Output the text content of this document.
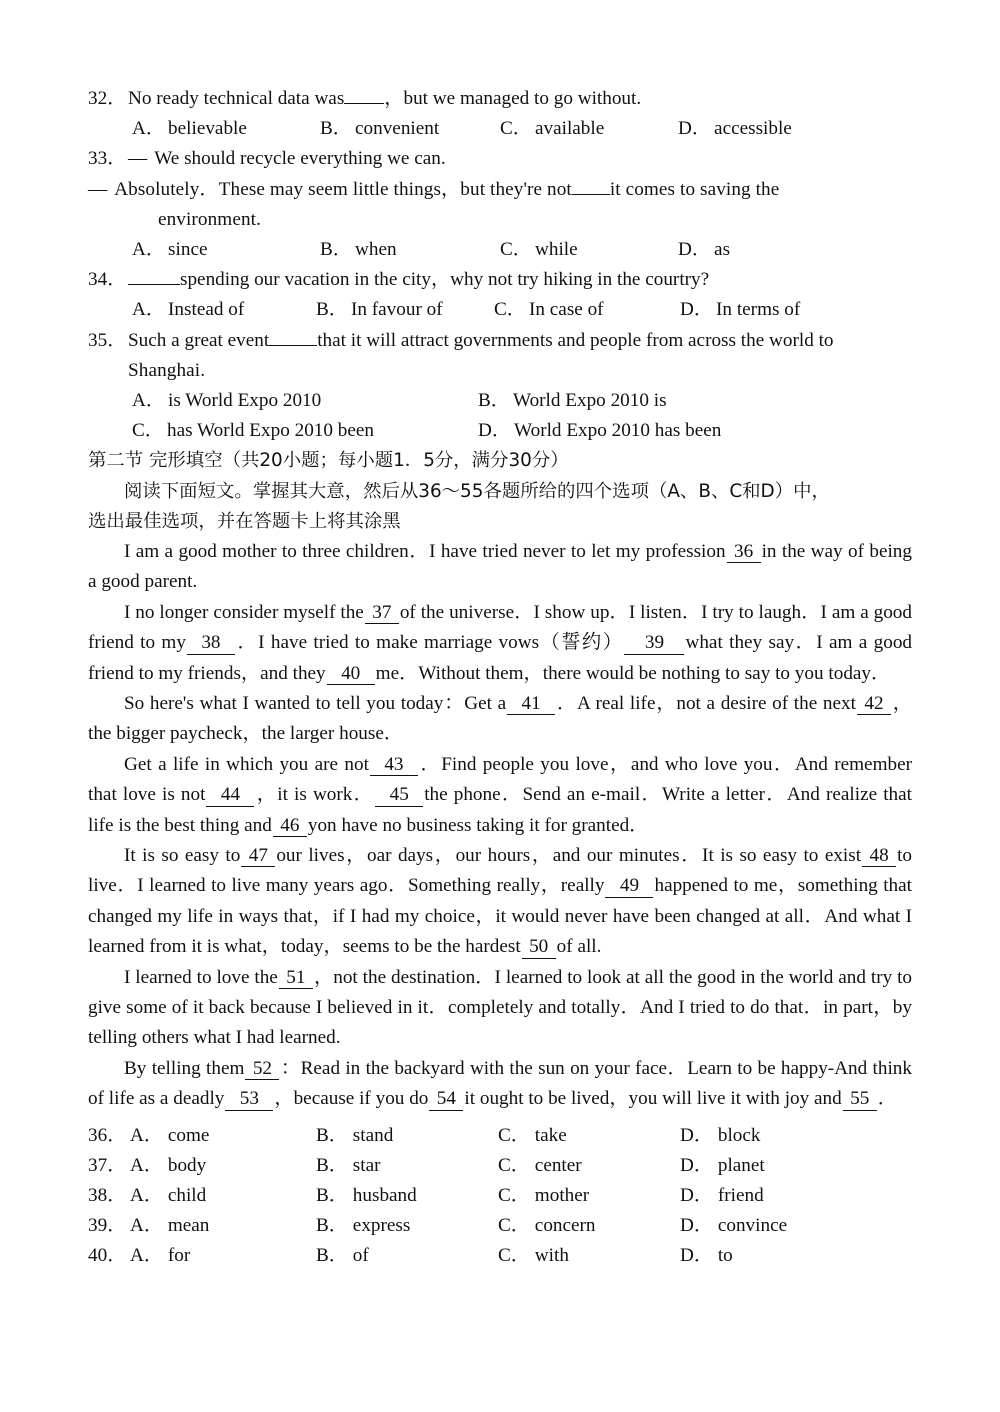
32． No ready technical data was ，but we managed to go without.
A． believable	B． convenient	C． available	D． accessible
33． — We should recycle everything we can.
— Absolutely．These may seem little things，but they're not it comes to saving the
environment.
A． since	B． when	C． while	D． as
34．	spending our vacation in the city，why not try hiking in the courtry?
A． Instead of	B． In favour of	C． In case of	D． In terms of
35． Such a great event	that it will attract governments and people from across the world to
Shanghai.
A． is World Expo 2010	B． World Expo 2010 is
C． has World Expo 2010 been	D． World Expo 2010 has been
第二节 完形填空（共20小题；每小题1．5分，满分30分）
阅读下面短文。掌握其大意，然后从36～55各题所给的四个选项（A、B、C和D）中，
选出最佳选项，并在答题卡上将其涂黑
I am a good mother to three children．I have tried never to let my profession 36 in the way of being a good parent.
I no longer consider myself the 37 of the universe．I show up．I listen．I try to laugh．I am a good friend to my 38 ．I have tried to make marriage vows（誓约） 39 what they say．I am a good friend to my friends，and they 40 me．Without them，there would be nothing to say to you today．
So here's what I wanted to tell you today：Get a 41 ．A real life，not a desire of the next 42 ，the bigger paycheck，the larger house．
Get a life in which you are not 43 ．Find people you love，and who love you．And remember that love is not 44 ，it is work． 45 the phone．Send an e-mail．Write a letter．And realize that life is the best thing and 46 yon have no business taking it for granted．
It is so easy to 47 our lives，oar days，our hours，and our minutes．It is so easy to exist 48 to live．I learned to live many years ago．Something really，really 49 happened to me，something that changed my life in ways that，if I had my choice，it would never have been changed at all．And what I learned from it is what，today，seems to be the hardest 50 of all.
I learned to love the 51 ，not the destination．I learned to look at all the good in the world and try to give some of it back because I believed in it．completely and totally．And I tried to do that．in part，by telling others what I had learned.
By telling them 52 ：Read in the backyard with the sun on your face．Learn to be happy-And think of life as a deadly 53 ，because if you do 54 it ought to be lived，you will live it with joy and 55 ．
36． A． come	B． stand	C． take	D． block
37． A． body	B． star	C． center	D． planet
38． A． child	B． husband	C． mother	D． friend
39． A． mean	B． express	C． concern	D． convince
40． A． for	B． of	C． with	D． to
